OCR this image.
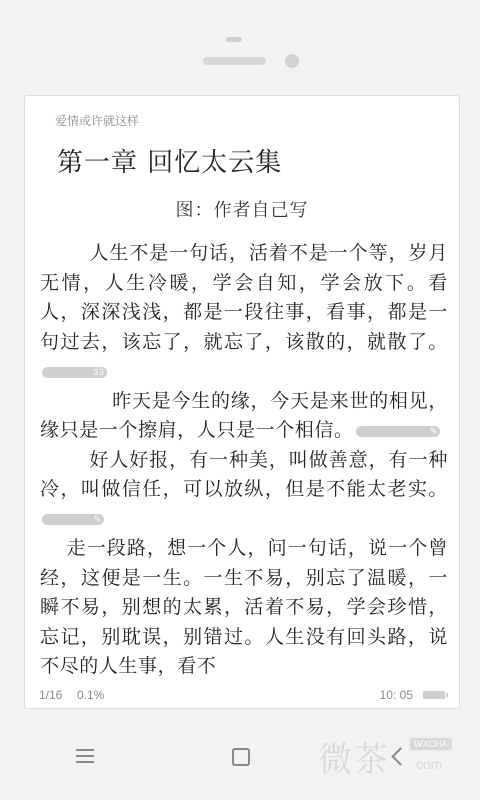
爱情或许就这样
第一章 回忆太云集
图：作者自己写

人生不是一句话，活着不是一个等，岁月无情，人生冷暖，学会自知，学会放下。看人，深深浅浅，都是一段往事，看事，都是一句过去，该忘了，就忘了，该散的，就散了。33

昨天是今生的缘，今天是来世的相见，缘只是一个擦肩，人只是一个相信。	✎

好人好报，有一种美，叫做善意，有一种冷，叫做信任，可以放纵，但是不能太老实。✎

走一段路，想一个人，问一句话，说一个曾经，这便是一生。一生不易，别忘了温暖，一瞬不易，别想的太累，活着不易，学会珍惜，忘记，别耽误，别错过。人生没有回头路，说不尽的人生事，看不

1/16 0.1%	10: 05
微茶	WXCHA
.com
